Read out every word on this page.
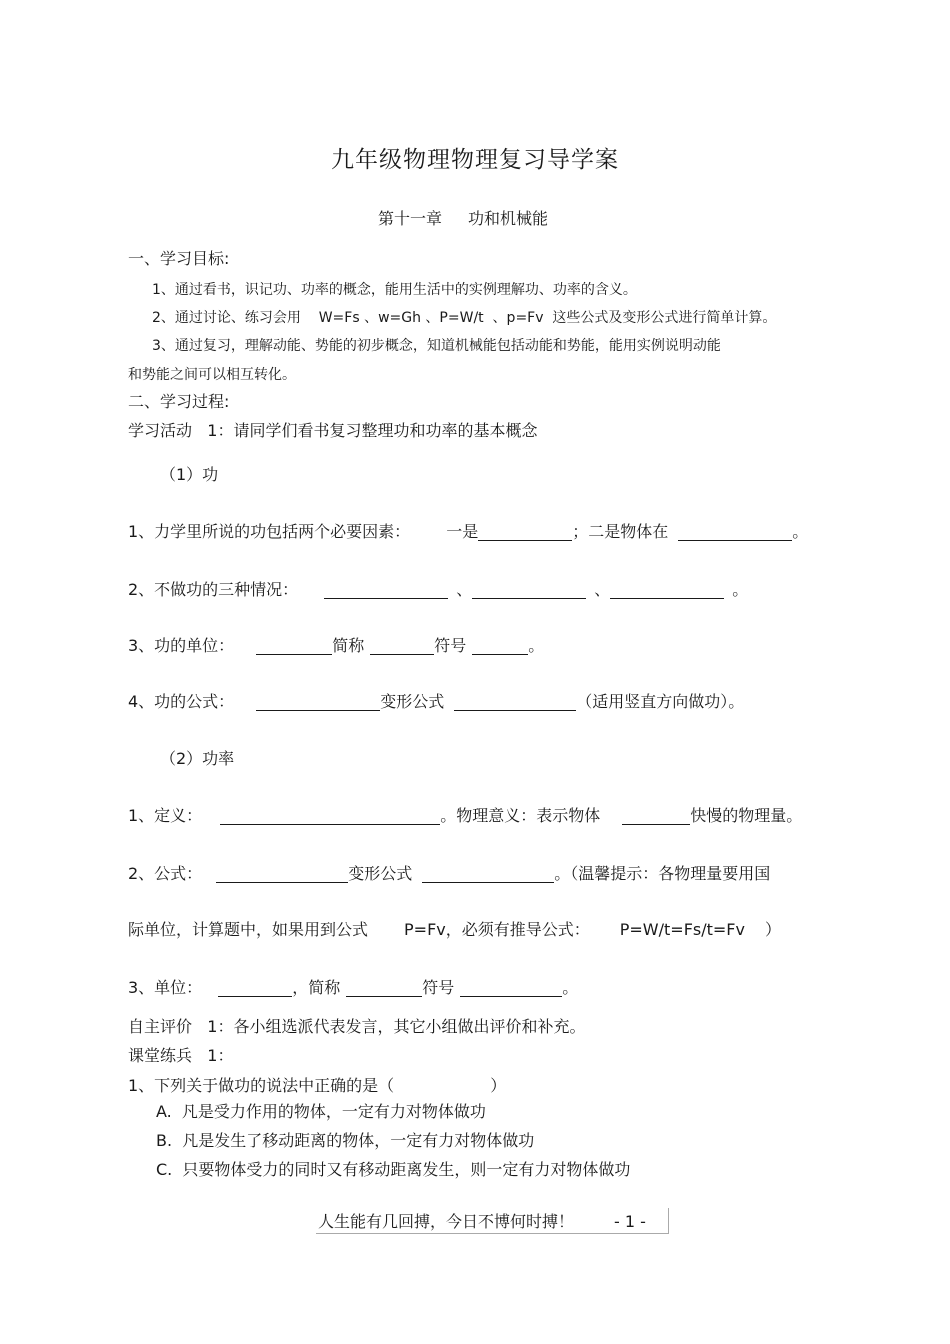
九年级物理物理复习导学案
第十一章 功和机械能
一、学习目标:
1、通过看书，识记功、功率的概念，能用生活中的实例理解功、功率的含义。
2、通过讨论、练习会用    W=Fs 、w=Gh 、P=W/t  、p=Fv  这些公式及变形公式进行简单计算。
3、通过复习，理解动能、势能的初步概念，知道机械能包括动能和势能，能用实例说明动能
和势能之间可以相互转化。
二、学习过程:
学习活动   1：请同学们看书复习整理功和功率的基本概念
（1）功
1、力学里所说的功包括两个必要因素： 一是	；二是物体在	。
2、不做功的三种情况：	、	、	。
3、功的单位：	简称	符号	。
4、功的公式：	变形公式	（适用竖直方向做功）。
（2）功率
1、定义：	。物理意义：表示物体	快慢的物理量。
2、公式：	变形公式	。（温馨提示：各物理量要用国
际单位，计算题中，如果用到公式 P=Fv，必须有推导公式： P=W/t=Fs/t=Fv ）
3、单位：	，简称	符号	。
自主评价   1：各小组选派代表发言，其它小组做出评价和补充。
课堂练兵   1：
1、下列关于做功的说法中正确的是（	）
A.  凡是受力作用的物体，一定有力对物体做功
B.  凡是发生了移动距离的物体，一定有力对物体做功
C.  只要物体受力的同时又有移动距离发生，则一定有力对物体做功
人生能有几回搏，今日不博何时搏！	- 1 -
